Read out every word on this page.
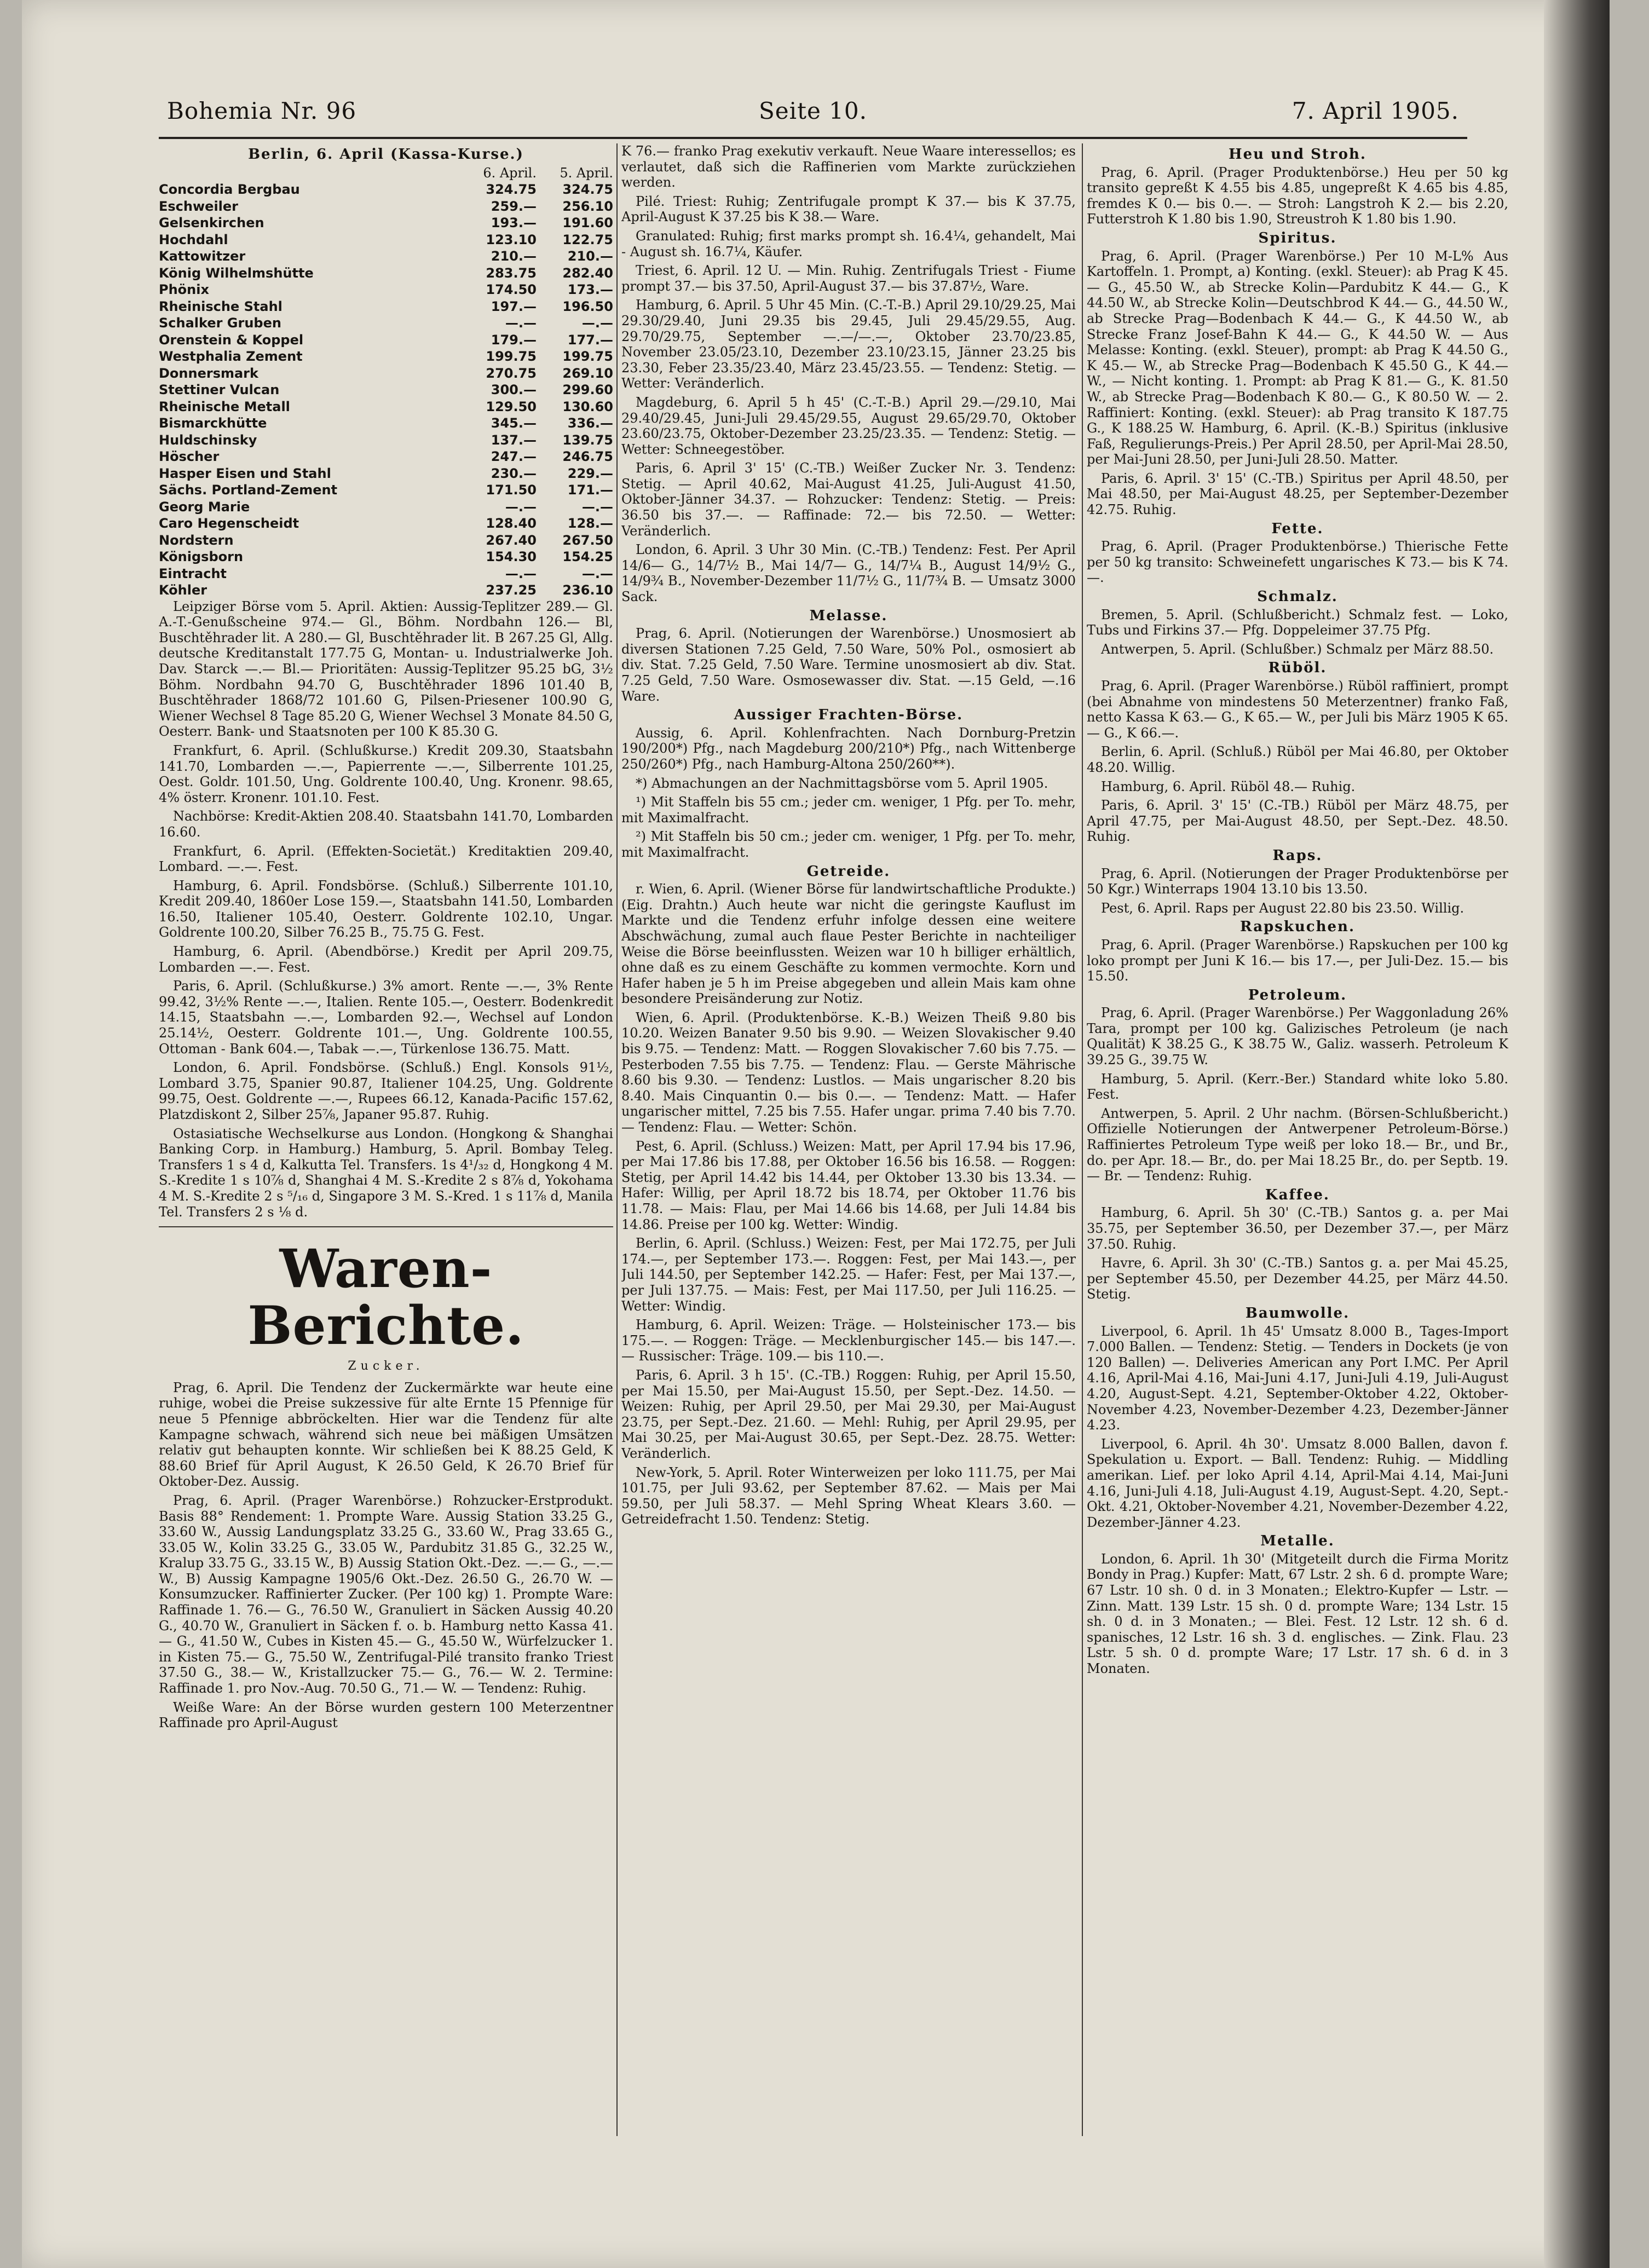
Bohemia Nr. 96	Seite 10.	7. April 1905.
Berlin, 6. April (Kassa-Kurse.)
	6. April.	5. April.
Concordia Bergbau	324.75	324.75
Eschweiler	259.—	256.10
Gelsenkirchen	193.—	191.60
Hochdahl	123.10	122.75
Kattowitzer	210.—	210.—
König Wilhelmshütte	283.75	282.40
Phönix	174.50	173.—
Rheinische Stahl	197.—	196.50
Schalker Gruben	—.—	—.—
Orenstein & Koppel	179.—	177.—
Westphalia Zement	199.75	199.75
Donnersmark	270.75	269.10
Stettiner Vulcan	300.—	299.60
Rheinische Metall	129.50	130.60
Bismarckhütte	345.—	336.—
Huldschinsky	137.—	139.75
Höscher	247.—	246.75
Hasper Eisen und Stahl	230.—	229.—
Sächs. Portland-Zement	171.50	171.—
Georg Marie	—.—	—.—
Caro Hegenscheidt	128.40	128.—
Nordstern	267.40	267.50
Königsborn	154.30	154.25
Eintracht	—.—	—.—
Köhler	237.25	236.10

Leipziger Börse vom 5. April. Aktien: Aussig-Teplitzer 289.— Gl. A.-T.-Genußscheine 974.— Gl., Böhm. Nordbahn 126.— Bl, Buschtěhrader lit. A 280.— Gl, Buschtěhrader lit. B 267.25 Gl, Allg. deutsche Kreditanstalt 177.75 G, Montan- u. Industrialwerke Joh. Dav. Starck —.— Bl.— Prioritäten: Aussig-Teplitzer 95.25 bG, 3½ Böhm. Nordbahn 94.70 G, Buschtěhrader 1896 101.40 B, Buschtěhrader 1868/72 101.60 G, Pilsen-Priesener 100.90 G, Wiener Wechsel 8 Tage 85.20 G, Wiener Wechsel 3 Monate 84.50 G, Oesterr. Bank- und Staatsnoten per 100 K 85.30 G.

Frankfurt, 6. April. (Schlußkurse.) Kredit 209.30, Staatsbahn 141.70, Lombarden —.—, Papierrente —.—, Silberrente 101.25, Oest. Goldr. 101.50, Ung. Goldrente 100.40, Ung. Kronenr. 98.65, 4% österr. Kronenr. 101.10. Fest.

Nachbörse: Kredit-Aktien 208.40. Staatsbahn 141.70, Lombarden 16.60.

Frankfurt, 6. April. (Effekten-Societät.) Kreditaktien 209.40, Lombard. —.—. Fest.

Hamburg, 6. April. Fondsbörse. (Schluß.) Silberrente 101.10, Kredit 209.40, 1860er Lose 159.—, Staatsbahn 141.50, Lombarden 16.50, Italiener 105.40, Oesterr. Goldrente 102.10, Ungar. Goldrente 100.20, Silber 76.25 B., 75.75 G. Fest.

Hamburg, 6. April. (Abendbörse.) Kredit per April 209.75, Lombarden —.—. Fest.

Paris, 6. April. (Schlußkurse.) 3% amort. Rente —.—, 3% Rente 99.42, 3½% Rente —.—, Italien. Rente 105.—, Oesterr. Bodenkredit 14.15, Staatsbahn —.—, Lombarden 92.—, Wechsel auf London 25.14½, Oesterr. Goldrente 101.—, Ung. Goldrente 100.55, Ottoman - Bank 604.—, Tabak —.—, Türkenlose 136.75. Matt.

London, 6. April. Fondsbörse. (Schluß.) Engl. Konsols 91½, Lombard 3.75, Spanier 90.87, Italiener 104.25, Ung. Goldrente 99.75, Oest. Goldrente —.—, Rupees 66.12, Kanada-Pacific 157.62, Platzdiskont 2, Silber 25⅞, Japaner 95.87. Ruhig.

Ostasiatische Wechselkurse aus London. (Hongkong & Shanghai Banking Corp. in Hamburg.) Hamburg, 5. April. Bombay Teleg. Transfers 1 s 4 d, Kalkutta Tel. Transfers. 1s 4¹/₃₂ d, Hongkong 4 M. S.-Kredite 1 s 10⅞ d, Shanghai 4 M. S.-Kredite 2 s 8⅞ d, Yokohama 4 M. S.-Kredite 2 s ⁵/₁₆ d, Singapore 3 M. S.-Kred. 1 s 11⅞ d, Manila Tel. Transfers 2 s ⅛ d.

Waren-Berichte.
Zucker.

Prag, 6. April. Die Tendenz der Zuckermärkte war heute eine ruhige, wobei die Preise sukzessive für alte Ernte 15 Pfennige für neue 5 Pfennige abbröckelten. Hier war die Tendenz für alte Kampagne schwach, während sich neue bei mäßigen Umsätzen relativ gut behaupten konnte. Wir schließen bei K 88.25 Geld, K 88.60 Brief für April August, K 26.50 Geld, K 26.70 Brief für Oktober-Dez. Aussig.

Prag, 6. April. (Prager Warenbörse.) Rohzucker-Erstprodukt. Basis 88° Rendement: 1. Prompte Ware. Aussig Station 33.25 G., 33.60 W., Aussig Landungsplatz 33.25 G., 33.60 W., Prag 33.65 G., 33.05 W., Kolin 33.25 G., 33.05 W., Pardubitz 31.85 G., 32.25 W., Kralup 33.75 G., 33.15 W., B) Aussig Station Okt.-Dez. —.— G., —.— W., B) Aussig Kampagne 1905/6 Okt.-Dez. 26.50 G., 26.70 W. — Konsumzucker. Raffinierter Zucker. (Per 100 kg) 1. Prompte Ware: Raffinade 1. 76.— G., 76.50 W., Granuliert in Säcken Aussig 40.20 G., 40.70 W., Granuliert in Säcken f. o. b. Hamburg netto Kassa 41.— G., 41.50 W., Cubes in Kisten 45.— G., 45.50 W., Würfelzucker 1. in Kisten 75.— G., 75.50 W., Zentrifugal-Pilé transito franko Triest 37.50 G., 38.— W., Kristallzucker 75.— G., 76.— W. 2. Termine: Raffinade 1. pro Nov.-Aug. 70.50 G., 71.— W. — Tendenz: Ruhig.

Weiße Ware: An der Börse wurden gestern 100 Meterzentner Raffinade pro April-August

K 76.— franko Prag exekutiv verkauft. Neue Waare interessellos; es verlautet, daß sich die Raffinerien vom Markte zurückziehen werden.

Pilé. Triest: Ruhig; Zentrifugale prompt K 37.— bis K 37.75, April-August K 37.25 bis K 38.— Ware.

Granulated: Ruhig; first marks prompt sh. 16.4¼, gehandelt, Mai - August sh. 16.7¼, Käufer.

Triest, 6. April. 12 U. — Min. Ruhig. Zentrifugals Triest - Fiume prompt 37.— bis 37.50, April-August 37.— bis 37.87½, Ware.

Hamburg, 6. April. 5 Uhr 45 Min. (C.-T.-B.) April 29.10/29.25, Mai 29.30/29.40, Juni 29.35 bis 29.45, Juli 29.45/29.55, Aug. 29.70/29.75, September —.—/—.—, Oktober 23.70/23.85, November 23.05/23.10, Dezember 23.10/23.15, Jänner 23.25 bis 23.30, Feber 23.35/23.40, März 23.45/23.55. — Tendenz: Stetig. — Wetter: Veränderlich.

Magdeburg, 6. April 5 h 45' (C.-T.-B.) April 29.—/29.10, Mai 29.40/29.45, Juni-Juli 29.45/29.55, August 29.65/29.70, Oktober 23.60/23.75, Oktober-Dezember 23.25/23.35. — Tendenz: Stetig. — Wetter: Schneegestöber.

Paris, 6. April 3' 15' (C.-TB.) Weißer Zucker Nr. 3. Tendenz: Stetig. — April 40.62, Mai-August 41.25, Juli-August 41.50, Oktober-Jänner 34.37. — Rohzucker: Tendenz: Stetig. — Preis: 36.50 bis 37.—. — Raffinade: 72.— bis 72.50. — Wetter: Veränderlich.

London, 6. April. 3 Uhr 30 Min. (C.-TB.) Tendenz: Fest. Per April 14/6— G., 14/7½ B., Mai 14/7— G., 14/7¼ B., August 14/9½ G., 14/9¾ B., November-Dezember 11/7½ G., 11/7¾ B. — Umsatz 3000 Sack.

Melasse.

Prag, 6. April. (Notierungen der Warenbörse.) Unosmosiert ab diversen Stationen 7.25 Geld, 7.50 Ware, 50% Pol., osmosiert ab div. Stat. 7.25 Geld, 7.50 Ware. Termine unosmosiert ab div. Stat. 7.25 Geld, 7.50 Ware. Osmosewasser div. Stat. —.15 Geld, —.16 Ware.

Aussiger Frachten-Börse.

Aussig, 6. April. Kohlenfrachten. Nach Dornburg-Pretzin 190/200*) Pfg., nach Magdeburg 200/210*) Pfg., nach Wittenberge 250/260*) Pfg., nach Hamburg-Altona 250/260**).

*) Abmachungen an der Nachmittagsbörse vom 5. April 1905.

¹) Mit Staffeln bis 55 cm.; jeder cm. weniger, 1 Pfg. per To. mehr, mit Maximalfracht.

²) Mit Staffeln bis 50 cm.; jeder cm. weniger, 1 Pfg. per To. mehr, mit Maximalfracht.

Getreide.

r. Wien, 6. April. (Wiener Börse für landwirtschaftliche Produkte.) (Eig. Drahtn.) Auch heute war nicht die geringste Kauflust im Markte und die Tendenz erfuhr infolge dessen eine weitere Abschwächung, zumal auch flaue Pester Berichte in nachteiliger Weise die Börse beeinflussten. Weizen war 10 h billiger erhältlich, ohne daß es zu einem Geschäfte zu kommen vermochte. Korn und Hafer haben je 5 h im Preise abgegeben und allein Mais kam ohne besondere Preisänderung zur Notiz.

Wien, 6. April. (Produktenbörse. K.-B.) Weizen Theiß 9.80 bis 10.20. Weizen Banater 9.50 bis 9.90. — Weizen Slovakischer 9.40 bis 9.75. — Tendenz: Matt. — Roggen Slovakischer 7.60 bis 7.75. — Pesterboden 7.55 bis 7.75. — Tendenz: Flau. — Gerste Mährische 8.60 bis 9.30. — Tendenz: Lustlos. — Mais ungarischer 8.20 bis 8.40. Mais Cinquantin 0.— bis 0.—. — Tendenz: Matt. — Hafer ungarischer mittel, 7.25 bis 7.55. Hafer ungar. prima 7.40 bis 7.70. — Tendenz: Flau. — Wetter: Schön.

Pest, 6. April. (Schluss.) Weizen: Matt, per April 17.94 bis 17.96, per Mai 17.86 bis 17.88, per Oktober 16.56 bis 16.58. — Roggen: Stetig, per April 14.42 bis 14.44, per Oktober 13.30 bis 13.34. — Hafer: Willig, per April 18.72 bis 18.74, per Oktober 11.76 bis 11.78. — Mais: Flau, per Mai 14.66 bis 14.68, per Juli 14.84 bis 14.86. Preise per 100 kg. Wetter: Windig.

Berlin, 6. April. (Schluss.) Weizen: Fest, per Mai 172.75, per Juli 174.—, per September 173.—. Roggen: Fest, per Mai 143.—, per Juli 144.50, per September 142.25. — Hafer: Fest, per Mai 137.—, per Juli 137.75. — Mais: Fest, per Mai 117.50, per Juli 116.25. — Wetter: Windig.

Hamburg, 6. April. Weizen: Träge. — Holsteinischer 173.— bis 175.—. — Roggen: Träge. — Mecklenburgischer 145.— bis 147.—. — Russischer: Träge. 109.— bis 110.—.

Paris, 6. April. 3 h 15'. (C.-TB.) Roggen: Ruhig, per April 15.50, per Mai 15.50, per Mai-August 15.50, per Sept.-Dez. 14.50. — Weizen: Ruhig, per April 29.50, per Mai 29.30, per Mai-August 23.75, per Sept.-Dez. 21.60. — Mehl: Ruhig, per April 29.95, per Mai 30.25, per Mai-August 30.65, per Sept.-Dez. 28.75. Wetter: Veränderlich.

New-York, 5. April. Roter Winterweizen per loko 111.75, per Mai 101.75, per Juli 93.62, per September 87.62. — Mais per Mai 59.50, per Juli 58.37. — Mehl Spring Wheat Klears 3.60. — Getreidefracht 1.50. Tendenz: Stetig.

Heu und Stroh.

Prag, 6. April. (Prager Produktenbörse.) Heu per 50 kg transito gepreßt K 4.55 bis 4.85, ungepreßt K 4.65 bis 4.85, fremdes K 0.— bis 0.—. — Stroh: Langstroh K 2.— bis 2.20, Futterstroh K 1.80 bis 1.90, Streustroh K 1.80 bis 1.90.

Spiritus.

Prag, 6. April. (Prager Warenbörse.) Per 10 M-L% Aus Kartoffeln. 1. Prompt, a) Konting. (exkl. Steuer): ab Prag K 45.— G., 45.50 W., ab Strecke Kolin—Pardubitz K 44.— G., K 44.50 W., ab Strecke Kolin—Deutschbrod K 44.— G., 44.50 W., ab Strecke Prag—Bodenbach K 44.— G., K 44.50 W., ab Strecke Franz Josef-Bahn K 44.— G., K 44.50 W. — Aus Melasse: Konting. (exkl. Steuer), prompt: ab Prag K 44.50 G., K 45.— W., ab Strecke Prag—Bodenbach K 45.50 G., K 44.— W., — Nicht konting. 1. Prompt: ab Prag K 81.— G., K. 81.50 W., ab Strecke Prag—Bodenbach K 80.— G., K 80.50 W. — 2. Raffiniert: Konting. (exkl. Steuer): ab Prag transito K 187.75 G., K 188.25 W. Hamburg, 6. April. (K.-B.) Spiritus (inklusive Faß, Regulierungs-Preis.) Per April 28.50, per April-Mai 28.50, per Mai-Juni 28.50, per Juni-Juli 28.50. Matter.

Paris, 6. April. 3' 15' (C.-TB.) Spiritus per April 48.50, per Mai 48.50, per Mai-August 48.25, per September-Dezember 42.75. Ruhig.

Fette.

Prag, 6. April. (Prager Produktenbörse.) Thierische Fette per 50 kg transito: Schweinefett ungarisches K 73.— bis K 74.—.

Schmalz.

Bremen, 5. April. (Schlußbericht.) Schmalz fest. — Loko, Tubs und Firkins 37.— Pfg. Doppeleimer 37.75 Pfg.

Antwerpen, 5. April. (Schlußber.) Schmalz per März 88.50.

Rüböl.

Prag, 6. April. (Prager Warenbörse.) Rüböl raffiniert, prompt (bei Abnahme von mindestens 50 Meterzentner) franko Faß, netto Kassa K 63.— G., K 65.— W., per Juli bis März 1905 K 65.— G., K 66.—.

Berlin, 6. April. (Schluß.) Rüböl per Mai 46.80, per Oktober 48.20. Willig.

Hamburg, 6. April. Rüböl 48.— Ruhig.

Paris, 6. April. 3' 15' (C.-TB.) Rüböl per März 48.75, per April 47.75, per Mai-August 48.50, per Sept.-Dez. 48.50. Ruhig.

Raps.

Prag, 6. April. (Notierungen der Prager Produktenbörse per 50 Kgr.) Winterraps 1904 13.10 bis 13.50.

Pest, 6. April. Raps per August 22.80 bis 23.50. Willig.

Rapskuchen.

Prag, 6. April. (Prager Warenbörse.) Rapskuchen per 100 kg loko prompt per Juni K 16.— bis 17.—, per Juli-Dez. 15.— bis 15.50.

Petroleum.

Prag, 6. April. (Prager Warenbörse.) Per Waggonladung 26% Tara, prompt per 100 kg. Galizisches Petroleum (je nach Qualität) K 38.25 G., K 38.75 W., Galiz. wasserh. Petroleum K 39.25 G., 39.75 W.

Hamburg, 5. April. (Kerr.-Ber.) Standard white loko 5.80. Fest.

Antwerpen, 5. April. 2 Uhr nachm. (Börsen-Schlußbericht.) Offizielle Notierungen der Antwerpener Petroleum-Börse.) Raffiniertes Petroleum Type weiß per loko 18.— Br., und Br., do. per Apr. 18.— Br., do. per Mai 18.25 Br., do. per Septb. 19.— Br. — Tendenz: Ruhig.

Kaffee.

Hamburg, 6. April. 5h 30' (C.-TB.) Santos g. a. per Mai 35.75, per September 36.50, per Dezember 37.—, per März 37.50. Ruhig.

Havre, 6. April. 3h 30' (C.-TB.) Santos g. a. per Mai 45.25, per September 45.50, per Dezember 44.25, per März 44.50. Stetig.

Baumwolle.

Liverpool, 6. April. 1h 45' Umsatz 8.000 B., Tages-Import 7.000 Ballen. — Tendenz: Stetig. — Tenders in Dockets (je von 120 Ballen) —. Deliveries American any Port I.MC. Per April 4.16, April-Mai 4.16, Mai-Juni 4.17, Juni-Juli 4.19, Juli-August 4.20, August-Sept. 4.21, September-Oktober 4.22, Oktober-November 4.23, November-Dezember 4.23, Dezember-Jänner 4.23.

Liverpool, 6. April. 4h 30'. Umsatz 8.000 Ballen, davon f. Spekulation u. Export. — Ball. Tendenz: Ruhig. — Middling amerikan. Lief. per loko April 4.14, April-Mai 4.14, Mai-Juni 4.16, Juni-Juli 4.18, Juli-August 4.19, August-Sept. 4.20, Sept.-Okt. 4.21, Oktober-November 4.21, November-Dezember 4.22, Dezember-Jänner 4.23.

Metalle.

London, 6. April. 1h 30' (Mitgeteilt durch die Firma Moritz Bondy in Prag.) Kupfer: Matt, 67 Lstr. 2 sh. 6 d. prompte Ware; 67 Lstr. 10 sh. 0 d. in 3 Monaten.; Elektro-Kupfer — Lstr. — Zinn. Matt. 139 Lstr. 15 sh. 0 d. prompte Ware; 134 Lstr. 15 sh. 0 d. in 3 Monaten.; — Blei. Fest. 12 Lstr. 12 sh. 6 d. spanisches, 12 Lstr. 16 sh. 3 d. englisches. — Zink. Flau. 23 Lstr. 5 sh. 0 d. prompte Ware; 17 Lstr. 17 sh. 6 d. in 3 Monaten.
